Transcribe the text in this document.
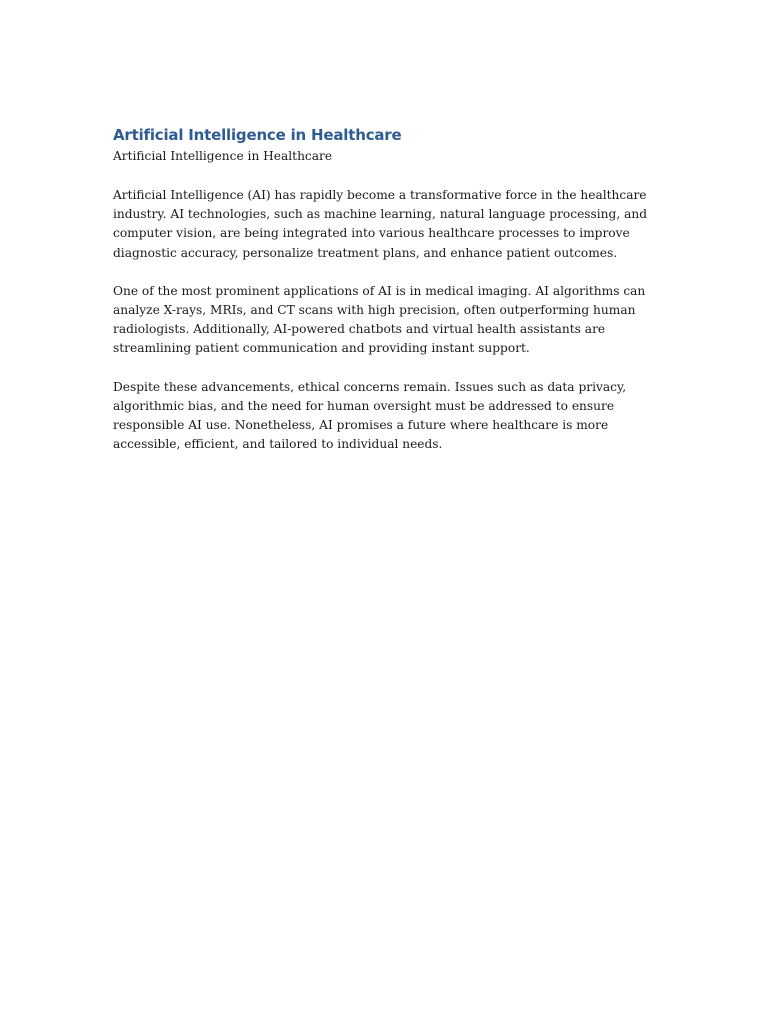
Artificial Intelligence in Healthcare

Artificial Intelligence in Healthcare

Artificial Intelligence (AI) has rapidly become a transformative force in the healthcare industry. AI technologies, such as machine learning, natural language processing, and computer vision, are being integrated into various healthcare processes to improve diagnostic accuracy, personalize treatment plans, and enhance patient outcomes.

One of the most prominent applications of AI is in medical imaging. AI algorithms can analyze X-rays, MRIs, and CT scans with high precision, often outperforming human radiologists. Additionally, AI-powered chatbots and virtual health assistants are streamlining patient communication and providing instant support.

Despite these advancements, ethical concerns remain. Issues such as data privacy, algorithmic bias, and the need for human oversight must be addressed to ensure responsible AI use. Nonetheless, AI promises a future where healthcare is more accessible, efficient, and tailored to individual needs.
